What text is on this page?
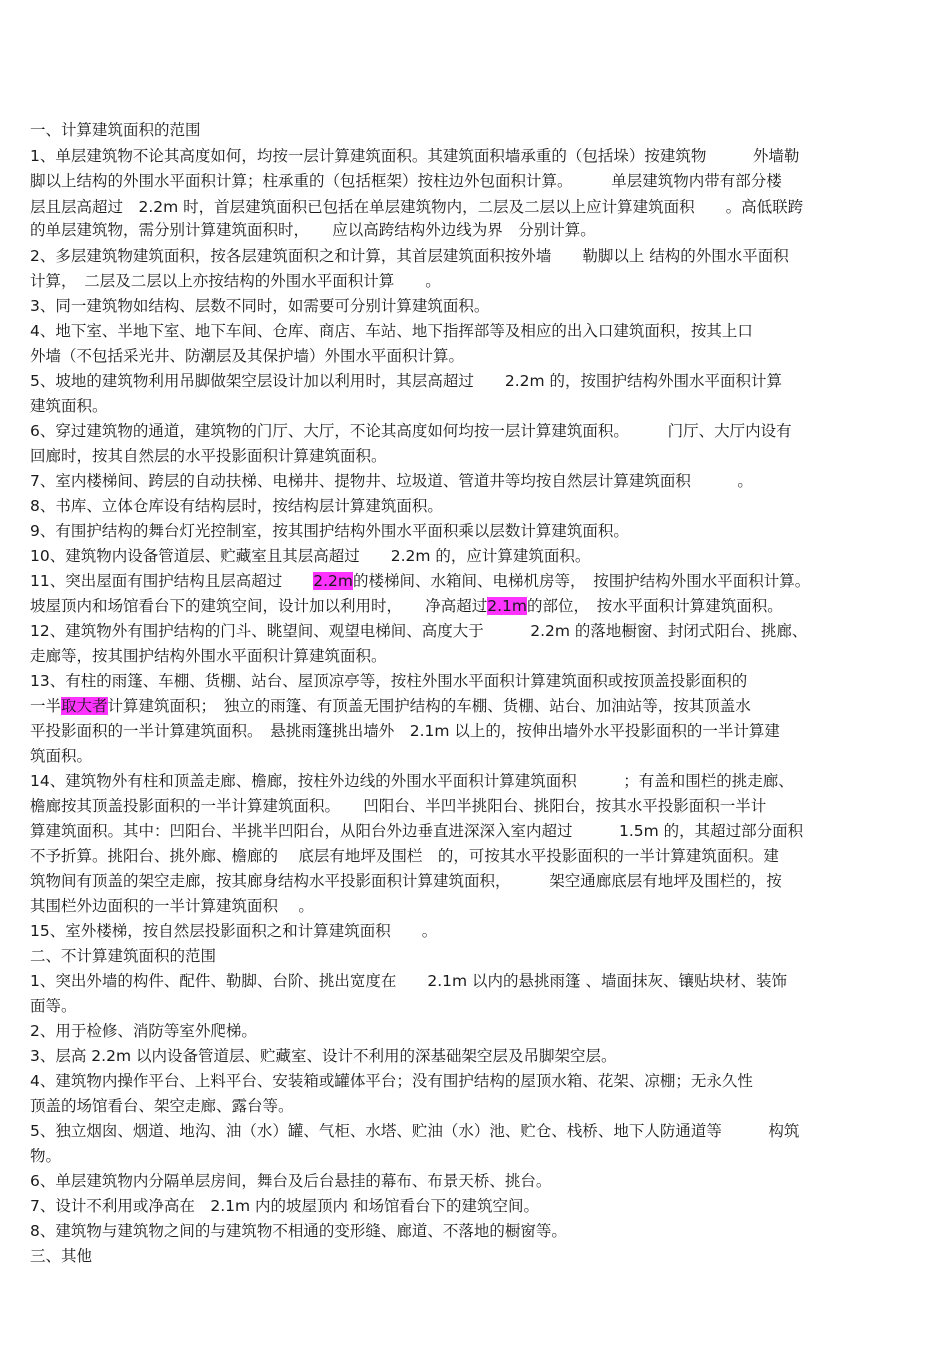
一、计算建筑面积的范围
1、单层建筑物不论其高度如何，均按一层计算建筑面积。其建筑面积墙承重的（包括垛）按建筑物　　　外墙勒
脚以上结构的外围水平面积计算；柱承重的（包括框架）按柱边外包面积计算。　　　单层建筑物内带有部分楼
层且层高超过　2.2m 时，首层建筑面积已包括在单层建筑物内，二层及二层以上应计算建筑面积　　。高低联跨
的单层建筑物，需分别计算建筑面积时，　　应以高跨结构外边线为界　分别计算。
2、多层建筑物建筑面积，按各层建筑面积之和计算，其首层建筑面积按外墙　　勒脚以上 结构的外围水平面积
计算，　二层及二层以上亦按结构的外围水平面积计算　　。
3、同一建筑物如结构、层数不同时，如需要可分别计算建筑面积。
4、地下室、半地下室、地下车间、仓库、商店、车站、地下指挥部等及相应的出入口建筑面积，按其上口
外墙（不包括采光井、防潮层及其保护墙）外围水平面积计算。
5、坡地的建筑物利用吊脚做架空层设计加以利用时，其层高超过　　2.2m 的，按围护结构外围水平面积计算
建筑面积。
6、穿过建筑物的通道，建筑物的门厅、大厅，不论其高度如何均按一层计算建筑面积。　　　门厅、大厅内设有
回廊时，按其自然层的水平投影面积计算建筑面积。
7、室内楼梯间、跨层的自动扶梯、电梯井、提物井、垃圾道、管道井等均按自然层计算建筑面积　　　。
8、书库、立体仓库设有结构层时，按结构层计算建筑面积。
9、有围护结构的舞台灯光控制室，按其围护结构外围水平面积乘以层数计算建筑面积。
10、建筑物内设备管道层、贮藏室且其层高超过　　2.2m 的，应计算建筑面积。
11、突出屋面有围护结构且层高超过　　2.2m的楼梯间、水箱间、电梯机房等，　按围护结构外围水平面积计算。
坡屋顶内和场馆看台下的建筑空间，设计加以利用时，　　净高超过2.1m的部位，　按水平面积计算建筑面积。
12、建筑物外有围护结构的门斗、眺望间、观望电梯间、高度大于　　　2.2m 的落地橱窗、封闭式阳台、挑廊、
走廊等，按其围护结构外围水平面积计算建筑面积。
13、有柱的雨篷、车棚、货棚、站台、屋顶凉亭等，按柱外围水平面积计算建筑面积或按顶盖投影面积的
一半取大者计算建筑面积；　独立的雨篷、有顶盖无围护结构的车棚、货棚、站台、加油站等，按其顶盖水
平投影面积的一半计算建筑面积。　悬挑雨篷挑出墙外　2.1m 以上的，按伸出墙外水平投影面积的一半计算建
筑面积。
14、建筑物外有柱和顶盖走廊、檐廊，按柱外边线的外围水平面积计算建筑面积　　　；有盖和围栏的挑走廊、
檐廊按其顶盖投影面积的一半计算建筑面积。　　凹阳台、半凹半挑阳台、挑阳台，按其水平投影面积一半计
算建筑面积。其中：凹阳台、半挑半凹阳台，从阳台外边垂直进深深入室内超过　　　1.5m 的，其超过部分面积
不予折算。挑阳台、挑外廊、檐廊的　 底层有地坪及围栏　的，可按其水平投影面积的一半计算建筑面积。建
筑物间有顶盖的架空走廊，按其廊身结构水平投影面积计算建筑面积，　　　架空通廊底层有地坪及围栏的，按
其围栏外边面积的一半计算建筑面积　 。
15、室外楼梯，按自然层投影面积之和计算建筑面积　　。
二、不计算建筑面积的范围
1、突出外墙的构件、配件、勒脚、台阶、挑出宽度在　　2.1m 以内的悬挑雨篷 、墙面抹灰、镶贴块材、装饰
面等。
2、用于检修、消防等室外爬梯。
3、层高 2.2m 以内设备管道层、贮藏室、设计不利用的深基础架空层及吊脚架空层。
4、建筑物内操作平台、上料平台、安装箱或罐体平台；没有围护结构的屋顶水箱、花架、凉棚；无永久性
顶盖的场馆看台、架空走廊、露台等。
5、独立烟囱、烟道、地沟、油（水）罐、气柜、水塔、贮油（水）池、贮仓、栈桥、地下人防通道等　　　构筑
物。
6、单层建筑物内分隔单层房间，舞台及后台悬挂的幕布、布景天桥、挑台。
7、设计不利用或净高在　2.1m 内的坡屋顶内 和场馆看台下的建筑空间。
8、建筑物与建筑物之间的与建筑物不相通的变形缝、廊道、不落地的橱窗等。
三、其他
